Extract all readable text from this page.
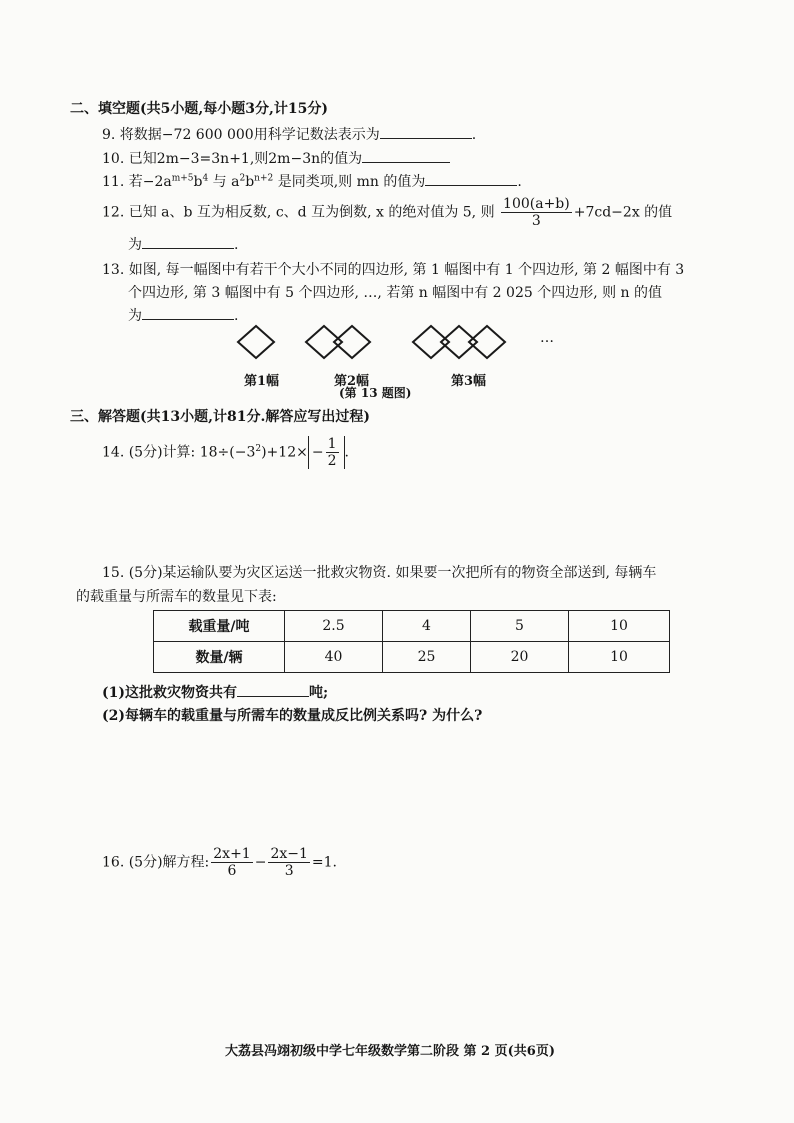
二、填空题(共5小题,每小题3分,计15分)
9. 将数据−72 600 000用科学记数法表示为	.
10. 已知2m−3=3n+1,则2m−3n的值为
11. 若$-2a^{m+5}b^4$ 与 $a^2b^{n+2}$ 是同类项,则 mn 的值为	.
12. 已知 a、b 互为相反数, c、d 互为倒数, x 的绝对值为 5, 则 $\frac{100(a+b)}{3} +7cd-2x$ 的值
为	.
13. 如图, 每一幅图中有若干个大小不同的四边形, 第 1 幅图中有 1 个四边形, 第 2 幅图中有 3
个四边形, 第 3 幅图中有 5 个四边形, …, 若第 n 幅图中有 2 025 个四边形, 则 n 的值
为	.
…
第1幅	第2幅	第3幅
(第 13 题图)
三、解答题(共13小题,计81分.解答应写出过程)
14. (5分)计算: $18\div(-3^2)+12\times - \frac{1}{2}$ .
15. (5分)某运输队要为灾区运送一批救灾物资. 如果要一次把所有的物资全部送到, 每辆车
的载重量与所需车的数量见下表:
载重量/吨	2.5	4	5	10
数量/辆	40	25	20	10
(1)这批救灾物资共有	吨;
(2)每辆车的载重量与所需车的数量成反比例关系吗? 为什么?
16. (5分)解方程: $\frac{2x+1}{6} - \frac{2x-1}{3} =1$.
大荔县冯翊初级中学七年级数学第二阶段 第 2 页(共6页)
